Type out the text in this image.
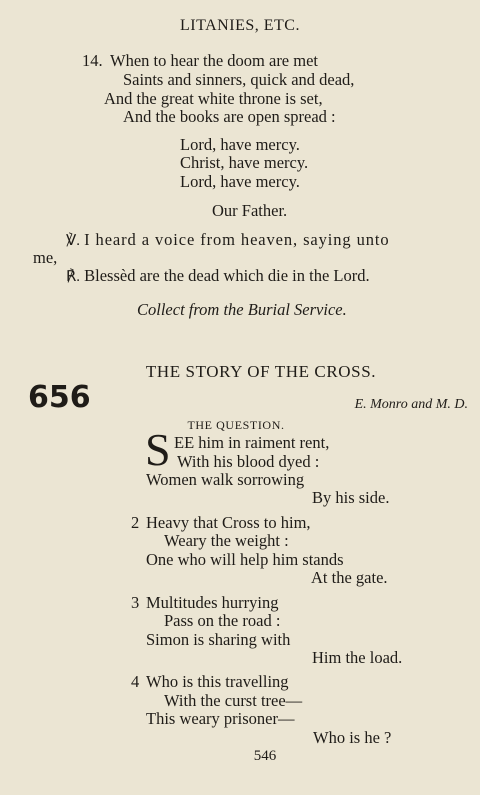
LITANIES, ETC.
14. When to hear the doom are met
Saints and sinners, quick and dead,
And the great white throne is set,
And the books are open spread :
Lord, have mercy.
Christ, have mercy.
Lord, have mercy.
Our Father.
℣. I heard a voice from heaven, saying unto
me,
℟. Blessèd are the dead which die in the Lord.
Collect from the Burial Service.
THE STORY OF THE CROSS.
656	E. Monro and M. D.
THE QUESTION.
S EE him in raiment rent,
With his blood dyed :
Women walk sorrowing
By his side.
2 Heavy that Cross to him,
Weary the weight :
One who will help him stands
At the gate.
3 Multitudes hurrying
Pass on the road :
Simon is sharing with
Him the load.
4 Who is this travelling
With the curst tree—
This weary prisoner—
Who is he ?
546
